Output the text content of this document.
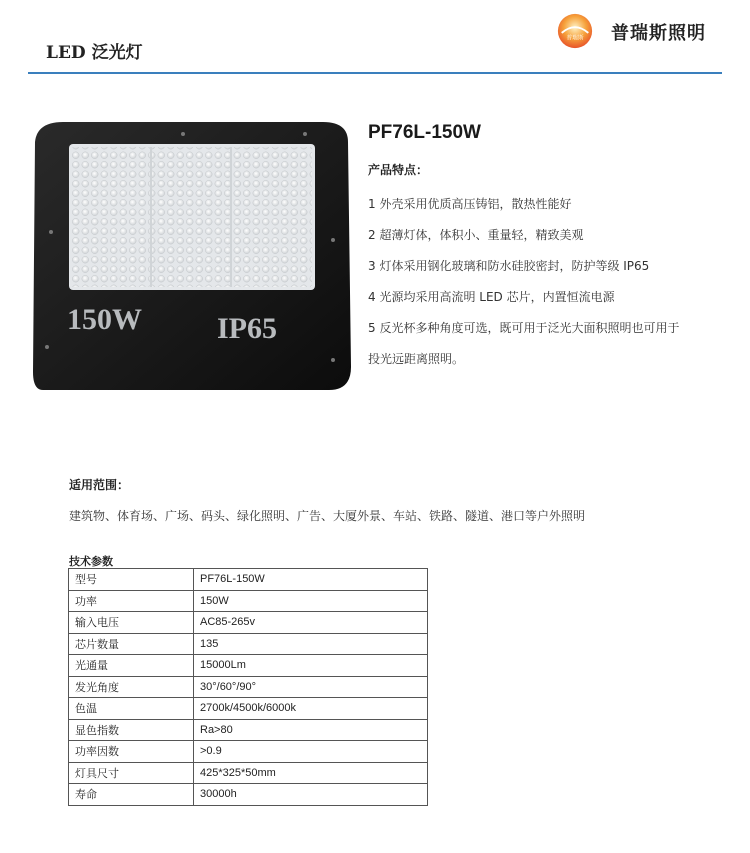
LED 泛光灯
普瑞斯 普瑞斯照明
150W	IP65
PF76L-150W
产品特点：
1 外壳采用优质高压铸铝，散热性能好
2 超薄灯体，体积小、重量轻，精致美观
3 灯体采用钢化玻璃和防水硅胶密封，防护等级 IP65
4 光源均采用高流明 LED 芯片，内置恒流电源
5 反光杯多种角度可选，既可用于泛光大面积照明也可用于
投光远距离照明。
适用范围：
建筑物、体育场、广场、码头、绿化照明、广告、大厦外景、车站、铁路、隧道、港口等户外照明
技术参数
型号	PF76L-150W
功率	150W
输入电压	AC85-265v
芯片数量	135
光通量	15000Lm
发光角度	30°/60°/90°
色温	2700k/4500k/6000k
显色指数	Ra>80
功率因数	>0.9
灯具尺寸	425*325*50mm
寿命	30000h
